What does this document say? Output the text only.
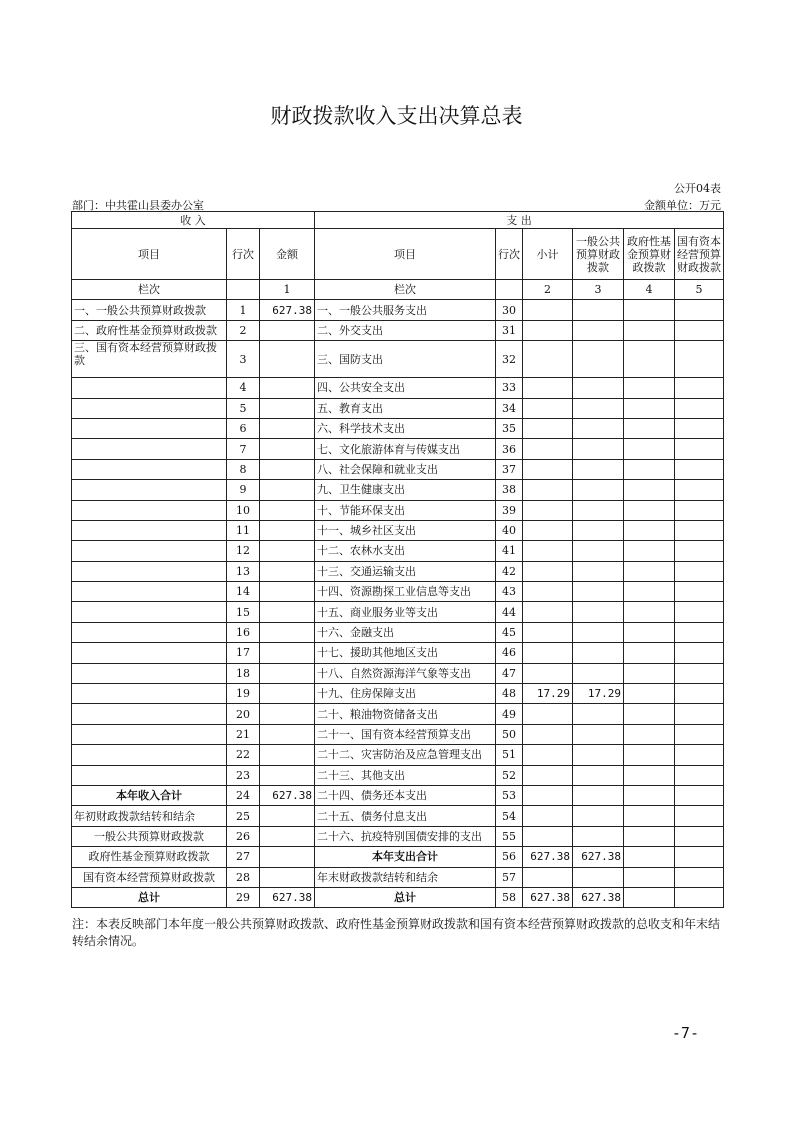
财政拨款收入支出决算总表
公开04表
部门：中共霍山县委办公室	金额单位：万元
收 入			支 出					
项目	行次	金额	项目	行次	小计	一般公共预算财政拨款	政府性基金预算财政拨款	国有资本经营预算财政拨款
栏次		1	栏次		2	3	4	5
一、一般公共预算财政拨款	1	627.38	一、一般公共服务支出	30				
二、政府性基金预算财政拨款	2		二、外交支出	31				
三、国有资本经营预算财政拨款	3		三、国防支出	32				
	4		四、公共安全支出	33				
	5		五、教育支出	34				
	6		六、科学技术支出	35				
	7		七、文化旅游体育与传媒支出	36				
	8		八、社会保障和就业支出	37				
	9		九、卫生健康支出	38				
	10		十、节能环保支出	39				
	11		十一、城乡社区支出	40				
	12		十二、农林水支出	41				
	13		十三、交通运输支出	42				
	14		十四、资源勘探工业信息等支出	43				
	15		十五、商业服务业等支出	44				
	16		十六、金融支出	45				
	17		十七、援助其他地区支出	46				
	18		十八、自然资源海洋气象等支出	47				
	19		十九、住房保障支出	48	17.29	17.29		
	20		二十、粮油物资储备支出	49				
	21		二十一、国有资本经营预算支出	50				
	22		二十二、灾害防治及应急管理支出	51				
	23		二十三、其他支出	52				
本年收入合计	24	627.38	二十四、债务还本支出	53				
年初财政拨款结转和结余	25		二十五、债务付息支出	54				
一般公共预算财政拨款	26		二十六、抗疫特别国债安排的支出	55				
政府性基金预算财政拨款	27		本年支出合计	56	627.38	627.38		
国有资本经营预算财政拨款	28		年末财政拨款结转和结余	57				
总计	29	627.38	总计	58	627.38	627.38		
注：本表反映部门本年度一般公共预算财政拨款、政府性基金预算财政拨款和国有资本经营预算财政拨款的总收支和年末结转结余情况。
-7-
